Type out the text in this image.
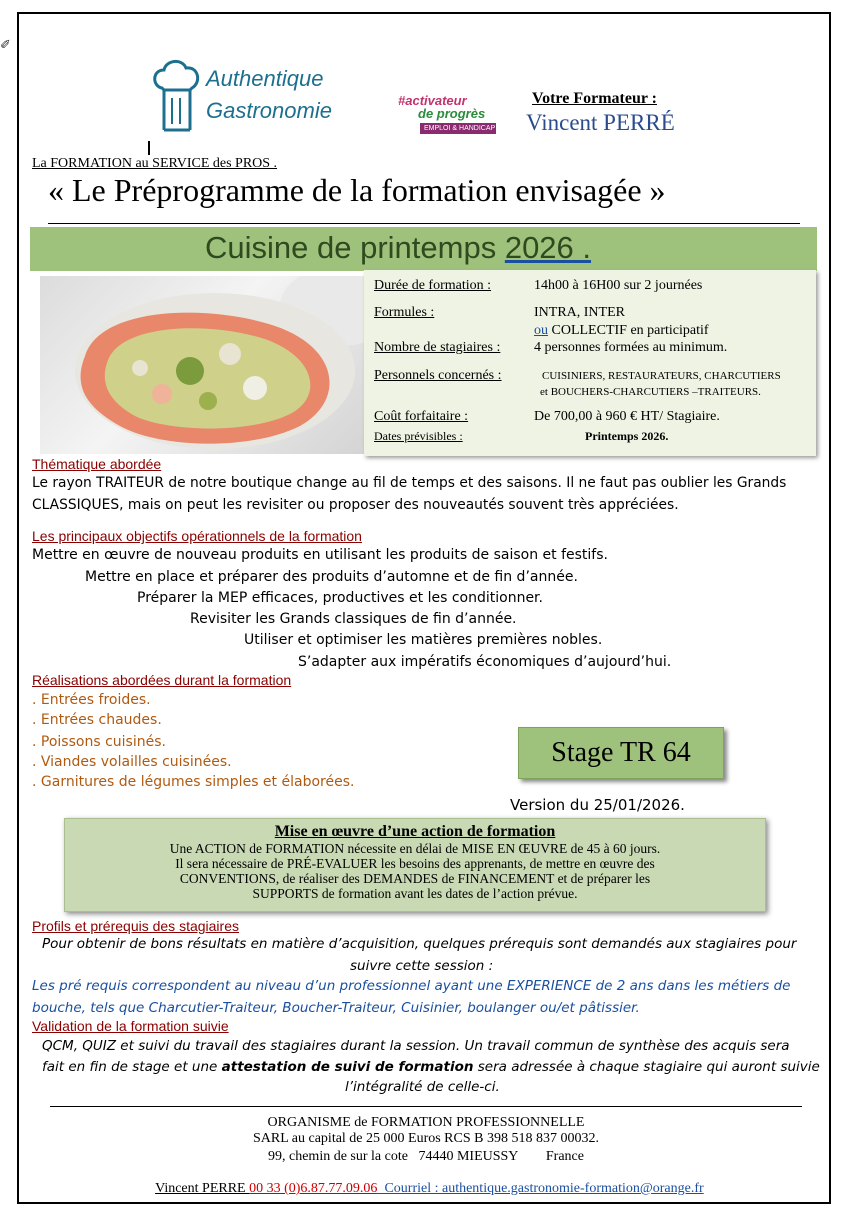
✐
Authentique
Gastronomie	#activateur
de progrès
EMPLOI & HANDICAP
Votre Formateur :
Vincent PERRÉ
La FORMATION au SERVICE des PROS .
« Le Préprogramme de la formation envisagée »
Cuisine de printemps 2026 .
Durée de formation :	14h00 à 16H00 sur 2 journées
Formules :	INTRA, INTER
ou COLLECTIF en participatif
Nombre de stagiaires : 4 personnes formées au minimum.
Personnels concernés :	CUISINIERS, RESTAURATEURS, CHARCUTIERS
et BOUCHERS-CHARCUTIERS –TRAITEURS.
Coût forfaitaire :	De 700,00 à 960 € HT/ Stagiaire.
Dates prévisibles :	Printemps 2026.
Thématique abordée
Le rayon TRAITEUR de notre boutique change au fil de temps et des saisons. Il ne faut pas oublier les Grands
CLASSIQUES, mais on peut les revisiter ou proposer des nouveautés souvent très appréciées.
Les principaux objectifs opérationnels de la formation
Mettre en œuvre de nouveau produits en utilisant les produits de saison et festifs.
Mettre en place et préparer des produits d’automne et de fin d’année.
Préparer la MEP efficaces, productives et les conditionner.
Revisiter les Grands classiques de fin d’année.
Utiliser et optimiser les matières premières nobles.
S’adapter aux impératifs économiques d’aujourd’hui.
Réalisations abordées durant la formation
. Entrées froides.
. Entrées chaudes.
. Poissons cuisinés.
. Viandes volailles cuisinées.
. Garnitures de légumes simples et élaborées.
Stage TR 64
Version du 25/01/2026.
Mise en œuvre d’une action de formation
Une ACTION de FORMATION nécessite en délai de MISE EN ŒUVRE de 45 à 60 jours.
Il sera nécessaire de PRÉ-EVALUER les besoins des apprenants, de mettre en œuvre des
CONVENTIONS, de réaliser des DEMANDES de FINANCEMENT et de préparer les
SUPPORTS de formation avant les dates de l’action prévue.
Profils et prérequis des stagiaires
Pour obtenir de bons résultats en matière d’acquisition, quelques prérequis sont demandés aux stagiaires pour
suivre cette session :
Les pré requis correspondent au niveau d’un professionnel ayant une EXPERIENCE de 2 ans dans les métiers de
bouche, tels que Charcutier-Traiteur, Boucher-Traiteur, Cuisinier, boulanger ou/et pâtissier.
Validation de la formation suivie
QCM, QUIZ et suivi du travail des stagiaires durant la session. Un travail commun de synthèse des acquis sera
fait en fin de stage et une attestation de suivi de formation sera adressée à chaque stagiaire qui auront suivie
l’intégralité de celle-ci.
ORGANISME de FORMATION PROFESSIONNELLE
SARL au capital de 25 000 Euros RCS B 398 518 837 00032.
99, chemin de sur la cote   74440 MIEUSSY        France

Vincent PERRE 00 33 (0)6.87.77.09.06  Courriel : authentique.gastronomie-formation@orange.fr
